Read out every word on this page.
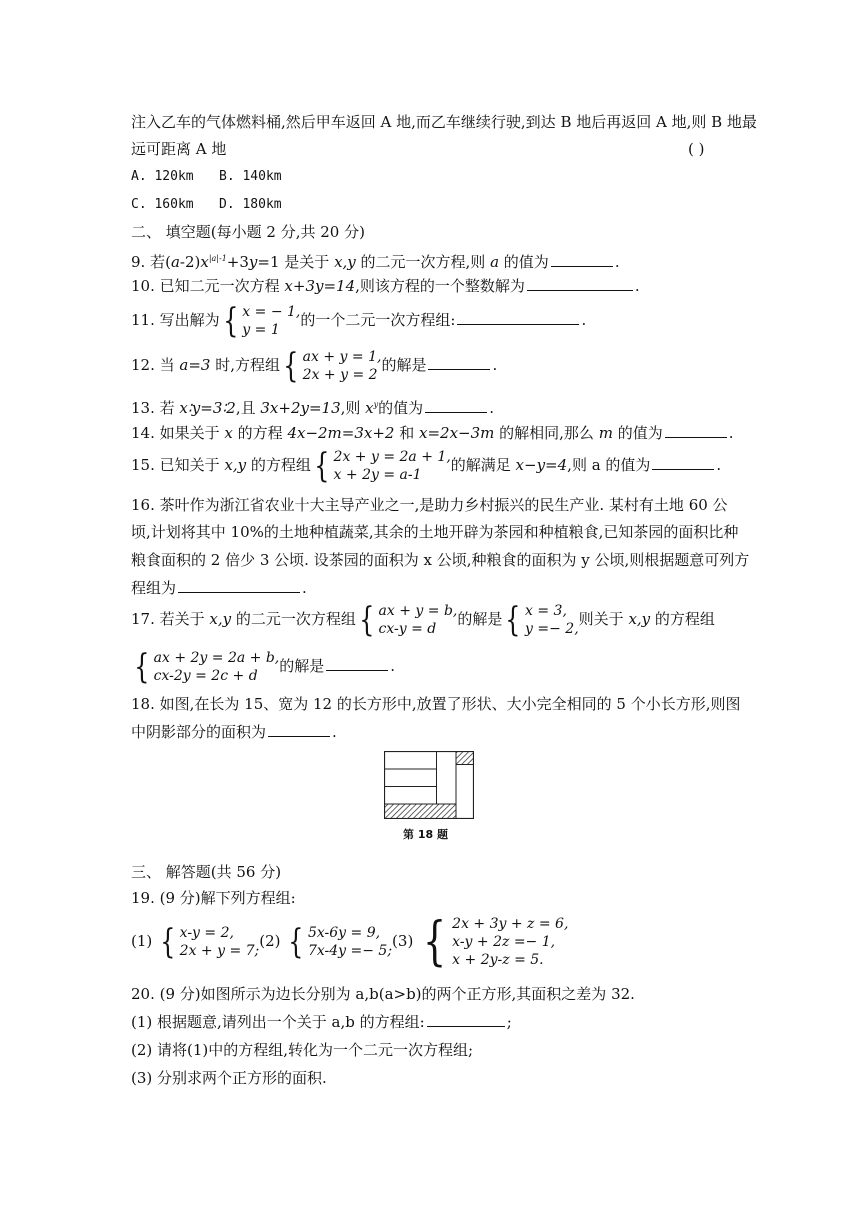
注入乙车的气体燃料桶,然后甲车返回 A 地,而乙车继续行驶,到达 B 地后再返回 A 地,则 B 地最
远可距离 A 地	( )
A. 120km B. 140km
C. 160km D. 180km
二、 填空题(每小题 2 分,共 20 分)
9. 若$(a-2)x^{|a|-1}+3y=1$ 是关于 x,y 的二元一次方程,则 a 的值为	.
10. 已知二元一次方程 x+3y=14,则该方程的一个整数解为	.
11. 写出解为 { x = − 1,
y = 1
的一个二元一次方程组:	.
12. 当 a=3 时,方程组 { ax + y = 1,
2x + y = 2
的解是	.
13. 若 x∶y=3∶2,且 3x+2y=13,则 $x^y$的值为	.
14. 如果关于 x 的方程 4x−2m=3x+2 和 x=2x−3m 的解相同,那么 m 的值为	.
15. 已知关于 x,y 的方程组 { 2x + y = 2a + 1,
x + 2y = a-1
的解满足 x−y=4,则 a 的值为	.
16. 茶叶作为浙江省农业十大主导产业之一,是助力乡村振兴的民生产业. 某村有土地 60 公
顷,计划将其中 10%的土地种植蔬菜,其余的土地开辟为茶园和种植粮食,已知茶园的面积比种
粮食面积的 2 倍少 3 公顷. 设茶园的面积为 x 公顷,种粮食的面积为 y 公顷,则根据题意可列方
程组为	.
17. 若关于 x,y 的二元一次方程组 { ax + y = b,
cx-y = d
的解是 { x = 3,
y =− 2,
则关于 x,y 的方程组
{ ax + 2y = 2a + b,
cx-2y = 2c + d
的解是	.
18. 如图,在长为 15、宽为 12 的长方形中,放置了形状、大小完全相同的 5 个小长方形,则图
中阴影部分的面积为	.
第 18 题
三、 解答题(共 56 分)
19. (9 分)解下列方程组:
(1) { x-y = 2,
2x + y = 7;
(2) { 5x-6y = 9,
7x-4y =− 5;
(3) { 2x + 3y + z = 6,
x-y + 2z =− 1,
x + 2y-z = 5.
20. (9 分)如图所示为边长分别为 a,b(a>b)的两个正方形,其面积之差为 32.
(1) 根据题意,请列出一个关于 a,b 的方程组:	;
(2) 请将(1)中的方程组,转化为一个二元一次方程组;
(3) 分别求两个正方形的面积.
